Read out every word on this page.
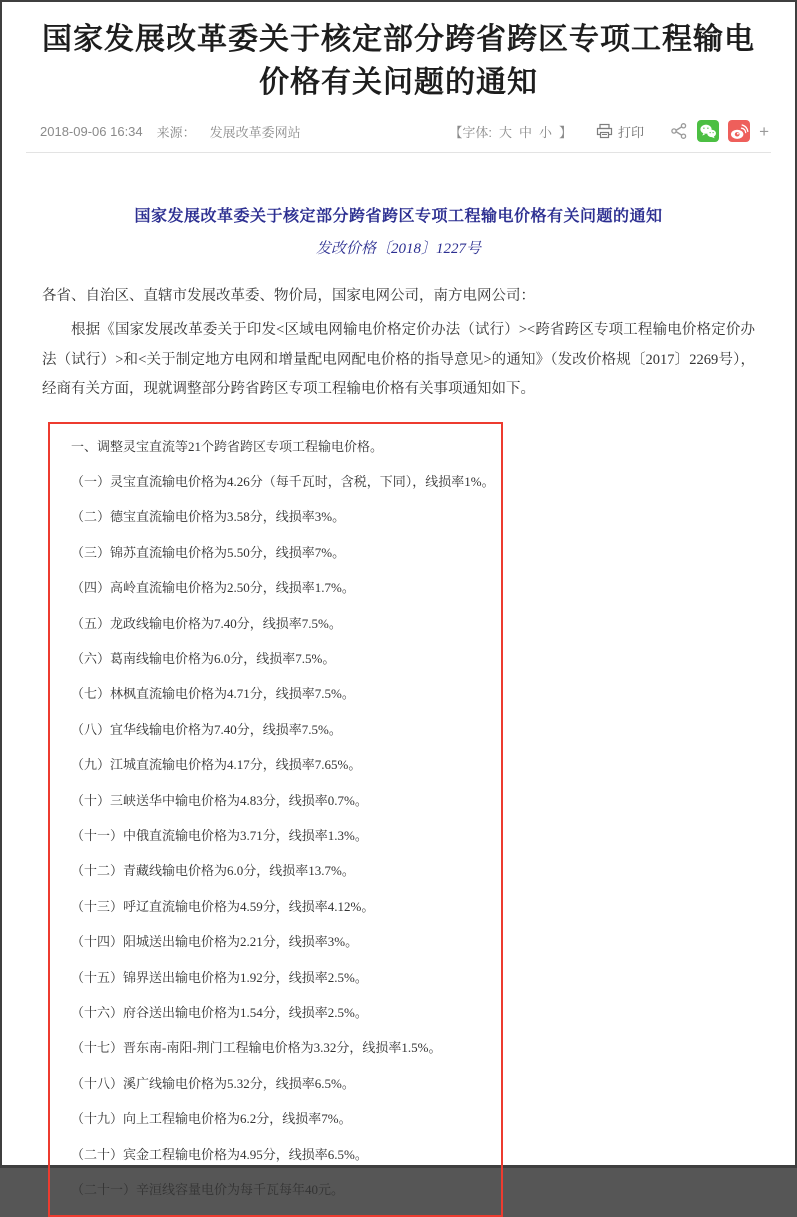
国家发展改革委关于核定部分跨省跨区专项工程输电价格有关问题的通知
2018-09-06 16:34 来源： 发展改革委网站	【字体: 大 中 小 】	打印	+
国家发展改革委关于核定部分跨省跨区专项工程输电价格有关问题的通知
发改价格〔2018〕1227号

各省、自治区、直辖市发展改革委、物价局，国家电网公司，南方电网公司：

根据《国家发展改革委关于印发<区域电网输电价格定价办法（试行）><跨省跨区专项工程输电价格定价办法（试行）>和<关于制定地方电网和增量配电网配电价格的指导意见>的通知》（发改价格规〔2017〕2269号），经商有关方面，现就调整部分跨省跨区专项工程输电价格有关事项通知如下。

一、调整灵宝直流等21个跨省跨区专项工程输电价格。

（一）灵宝直流输电价格为4.26分（每千瓦时，含税，下同），线损率1%。

（二）德宝直流输电价格为3.58分，线损率3%。

（三）锦苏直流输电价格为5.50分，线损率7%。

（四）高岭直流输电价格为2.50分，线损率1.7%。

（五）龙政线输电价格为7.40分，线损率7.5%。

（六）葛南线输电价格为6.0分，线损率7.5%。

（七）林枫直流输电价格为4.71分，线损率7.5%。

（八）宜华线输电价格为7.40分，线损率7.5%。

（九）江城直流输电价格为4.17分，线损率7.65%。

（十）三峡送华中输电价格为4.83分，线损率0.7%。

（十一）中俄直流输电价格为3.71分，线损率1.3%。

（十二）青藏线输电价格为6.0分，线损率13.7%。

（十三）呼辽直流输电价格为4.59分，线损率4.12%。

（十四）阳城送出输电价格为2.21分，线损率3%。

（十五）锦界送出输电价格为1.92分，线损率2.5%。

（十六）府谷送出输电价格为1.54分，线损率2.5%。

（十七）晋东南-南阳-荆门工程输电价格为3.32分，线损率1.5%。

（十八）溪广线输电价格为5.32分，线损率6.5%。

（十九）向上工程输电价格为6.2分，线损率7%。

（二十）宾金工程输电价格为4.95分，线损率6.5%。

（二十一）辛洹线容量电价为每千瓦每年40元。
